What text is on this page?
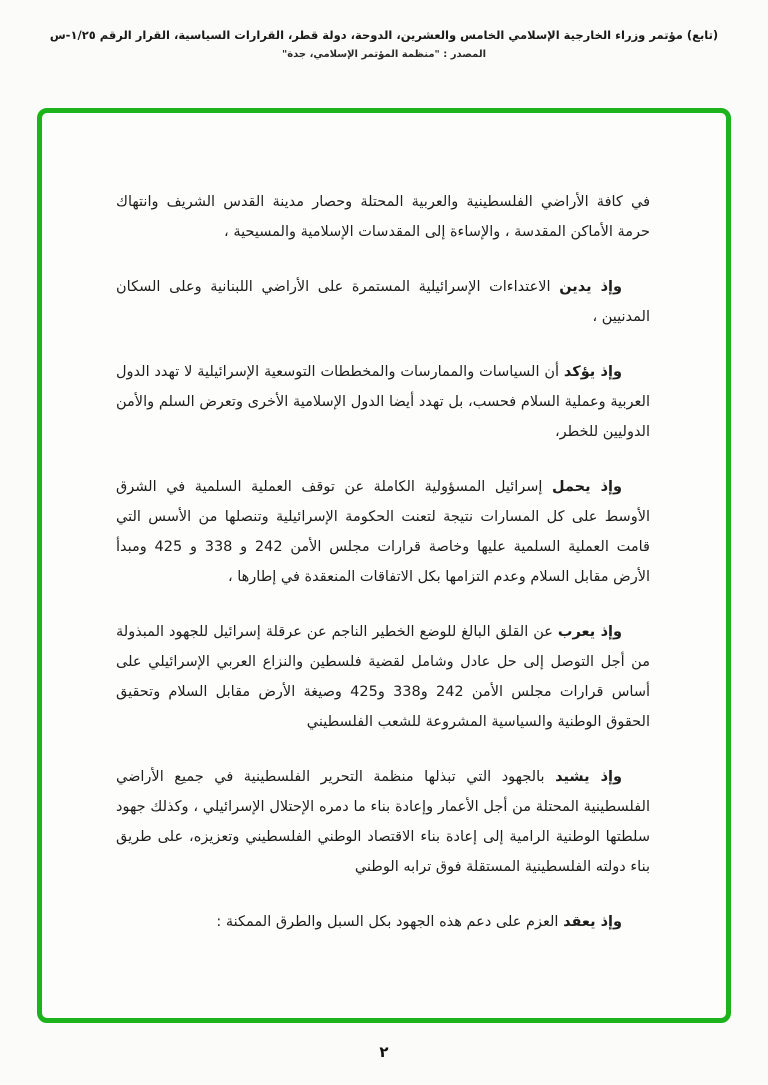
(تابع) مؤتمر وزراء الخارجية الإسلامي الخامس والعشرين، الدوحة، دولة قطر، القرارات السياسية، القرار الرقم ١/٢٥-س
المصدر : "منظمة المؤتمر الإسلامي، جدة"

في كافة الأراضي الفلسطينية والعربية المحتلة وحصار مدينة القدس الشريف وانتهاك حرمة الأماكن المقدسة ، والإساءة إلى المقدسات الإسلامية والمسيحية ،

وإذ يدين الاعتداءات الإسرائيلية المستمرة على الأراضي اللبنانية وعلى السكان المدنيين ،

وإذ يؤكد أن السياسات والممارسات والمخططات التوسعية الإسرائيلية لا تهدد الدول العربية وعملية السلام فحسب، بل تهدد أيضا الدول الإسلامية الأخرى وتعرض السلم والأمن الدوليين للخطر،

وإذ يحمل إسرائيل المسؤولية الكاملة عن توقف العملية السلمية في الشرق الأوسط على كل المسارات نتيجة لتعنت الحكومة الإسرائيلية وتنصلها من الأسس التي قامت العملية السلمية عليها وخاصة قرارات مجلس الأمن 242 و 338 و 425 ومبدأ الأرض مقابل السلام وعدم التزامها بكل الاتفاقات المنعقدة في إطارها ،

وإذ يعرب عن القلق البالغ للوضع الخطير الناجم عن عرقلة إسرائيل للجهود المبذولة من أجل التوصل إلى حل عادل وشامل لقضية فلسطين والنزاع العربي الإسرائيلي على أساس قرارات مجلس الأمن 242 و338 و425 وصيغة الأرض مقابل السلام وتحقيق الحقوق الوطنية والسياسية المشروعة للشعب الفلسطيني

وإذ يشيد بالجهود التي تبذلها منظمة التحرير الفلسطينية في جميع الأراضي الفلسطينية المحتلة من أجل الأعمار وإعادة بناء ما دمره الإحتلال الإسرائيلي ، وكذلك جهود سلطتها الوطنية الرامية إلى إعادة بناء الاقتصاد الوطني الفلسطيني وتعزيزه، على طريق بناء دولته الفلسطينية المستقلة فوق ترابه الوطني

وإذ يعقد العزم على دعم هذه الجهود بكل السبل والطرق الممكنة :

٢
